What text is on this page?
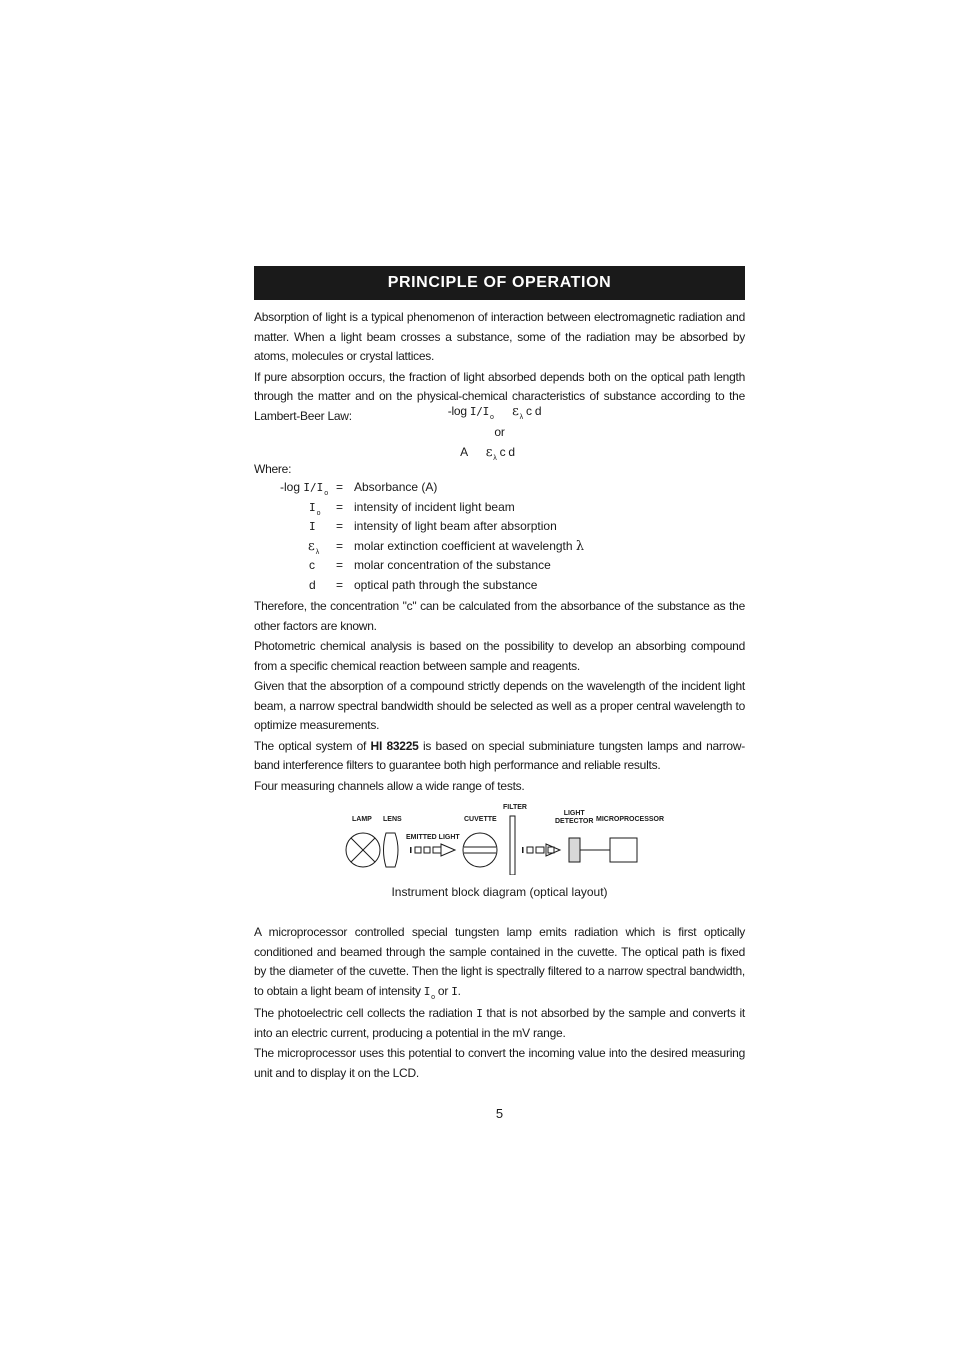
PRINCIPLE OF OPERATION

Absorption of light is a typical phenomenon of interaction between electromagnetic radiation and matter. When a light beam crosses a substance, some of the radiation may be absorbed by atoms, molecules or crystal lattices.

If pure absorption occurs, the fraction of light absorbed depends both on the optical path length through the matter and on the physical-chemical characteristics of substance according to the Lambert-Beer Law:	-log $I/I_o$ $\varepsilon_\lambda$ c d

or

A $\varepsilon_\lambda$ c d

Where:
-log $I/I_o$ = Absorbance (A)
$I_o$ = intensity of incident light beam
I = intensity of light beam after absorption
$\varepsilon_\lambda$ = molar extinction coefficient at wavelength λ
c = molar concentration of the substance
d = optical path through the substance

Therefore, the concentration "c" can be calculated from the absorbance of the substance as the other factors are known.

Photometric chemical analysis is based on the possibility to develop an absorbing compound from a specific chemical reaction between sample and reagents.

Given that the absorption of a compound strictly depends on the wavelength of the incident light beam, a narrow spectral bandwidth should be selected as well as a proper central wavelength to optimize measurements.

The optical system of HI 83225 is based on special subminiature tungsten lamps and narrow-band interference filters to guarantee both high performance and reliable results.

Four measuring channels allow a wide range of tests.

LAMP LENS
EMITTED LIGHT
CUVETTE
FILTER
LIGHT
DETECTOR MICROPROCESSOR
Instrument block diagram (optical layout)

A microprocessor controlled special tungsten lamp emits radiation which is first optically conditioned and beamed through the sample contained in the cuvette. The optical path is fixed by the diameter of the cuvette. Then the light is spectrally filtered to a narrow spectral bandwidth, to obtain a light beam of intensity $I_o$ or I.

The photoelectric cell collects the radiation I that is not absorbed by the sample and converts it into an electric current, producing a potential in the mV range.

The microprocessor uses this potential to convert the incoming value into the desired measuring unit and to display it on the LCD.

5
